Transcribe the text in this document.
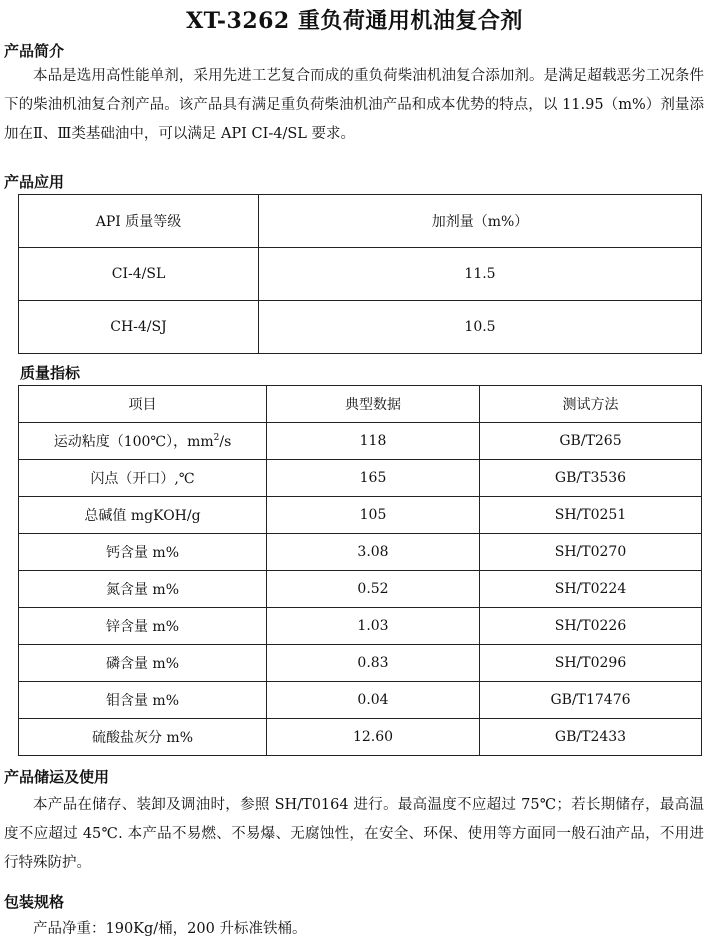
XT-3262 重负荷通用机油复合剂
产品简介

本品是选用高性能单剂，采用先进工艺复合而成的重负荷柴油机油复合添加剂。是满足超载恶劣工况条件下的柴油机油复合剂产品。该产品具有满足重负荷柴油机油产品和成本优势的特点，以 11.95（m%）剂量添加在Ⅱ、Ⅲ类基础油中，可以满足 API CI-4/SL 要求。

产品应用
API 质量等级	加剂量（m%）
CI-4/SL	11.5
CH-4/SJ	10.5
质量指标
项目	典型数据	测试方法
运动粘度（100℃），$mm^2/s$	118	GB/T265
闪点（开口）,℃	165	GB/T3536
总碱值 mgKOH/g	105	SH/T0251
钙含量 m%	3.08	SH/T0270
氮含量 m%	0.52	SH/T0224
锌含量 m%	1.03	SH/T0226
磷含量 m%	0.83	SH/T0296
钼含量 m%	0.04	GB/T17476
硫酸盐灰分 m%	12.60	GB/T2433
产品储运及使用

本产品在储存、装卸及调油时，参照 SH/T0164 进行。最高温度不应超过 75℃；若长期储存，最高温度不应超过 45℃. 本产品不易燃、不易爆、无腐蚀性，在安全、环保、使用等方面同一般石油产品，不用进行特殊防护。

包装规格

产品净重：190Kg/桶，200 升标准铁桶。
